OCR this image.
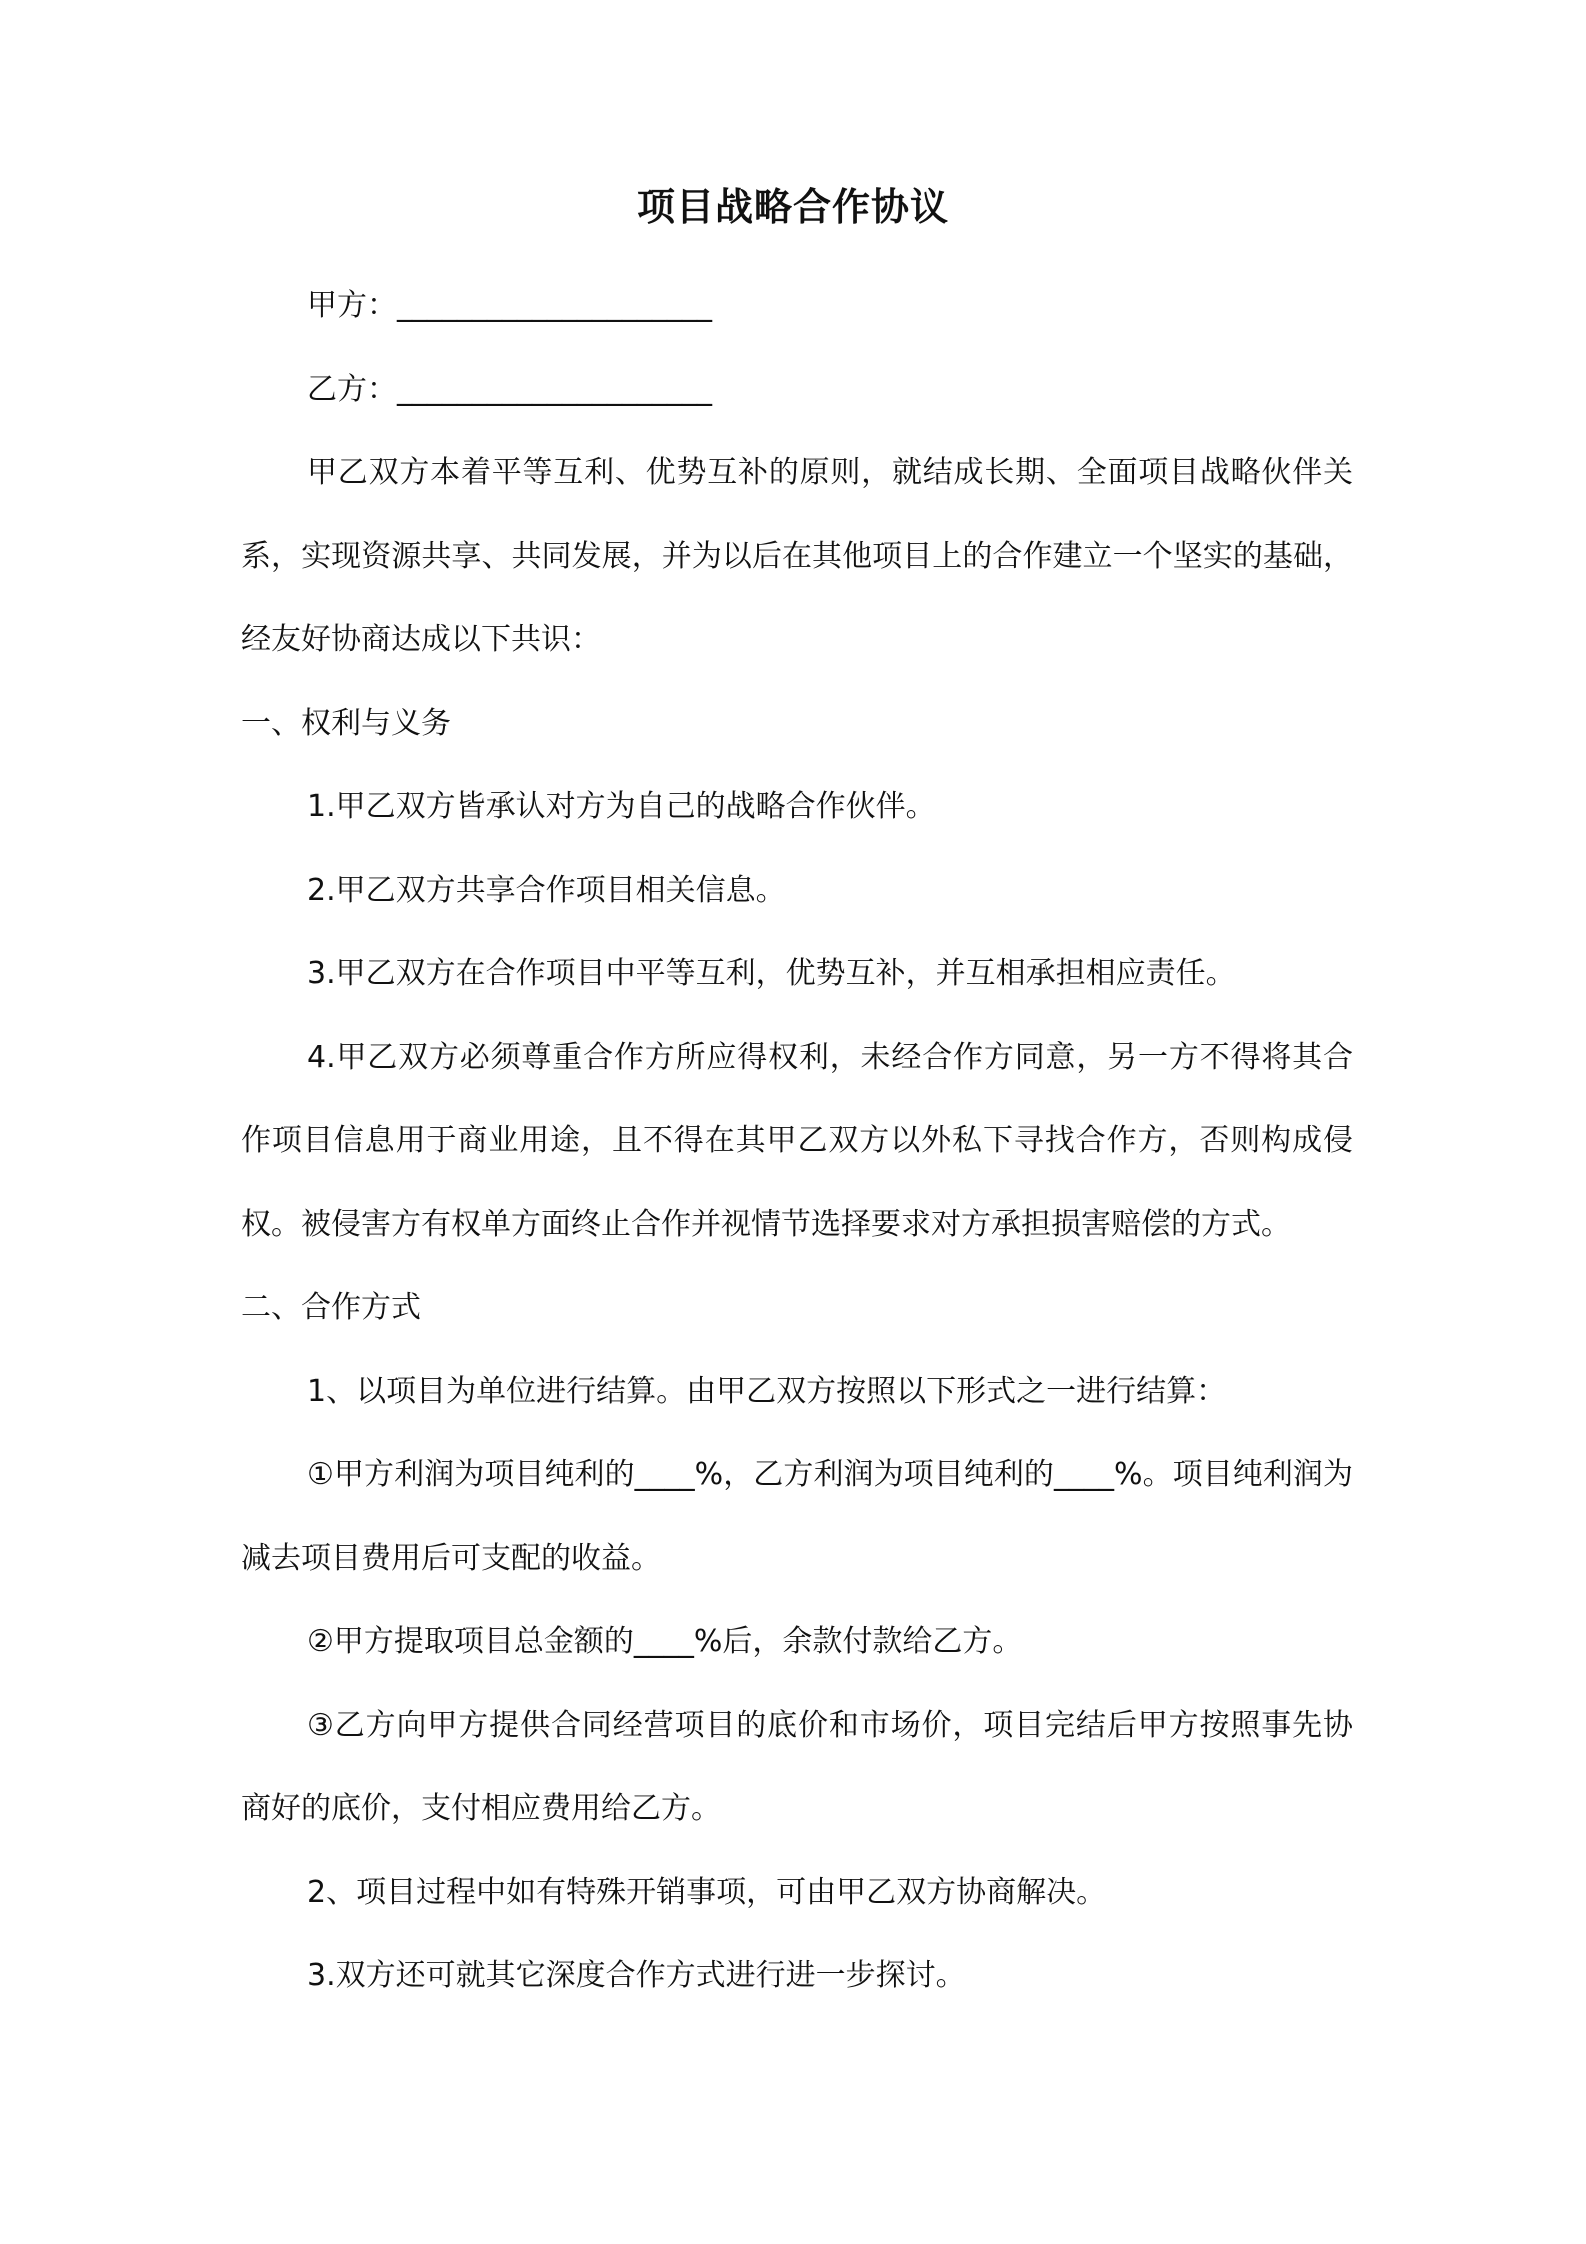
项目战略合作协议

甲方：_____________________

乙方：_____________________

甲乙双方本着平等互利、优势互补的原则，就结成长期、全面项目战略伙伴关系，实现资源共享、共同发展，并为以后在其他项目上的合作建立一个坚实的基础，经友好协商达成以下共识：

一、权利与义务

1.甲乙双方皆承认对方为自己的战略合作伙伴。

2.甲乙双方共享合作项目相关信息。

3.甲乙双方在合作项目中平等互利，优势互补，并互相承担相应责任。

4.甲乙双方必须尊重合作方所应得权利，未经合作方同意，另一方不得将其合作项目信息用于商业用途，且不得在其甲乙双方以外私下寻找合作方，否则构成侵权。被侵害方有权单方面终止合作并视情节选择要求对方承担损害赔偿的方式。

二、合作方式

1、以项目为单位进行结算。由甲乙双方按照以下形式之一进行结算：

①甲方利润为项目纯利的____%，乙方利润为项目纯利的____%。项目纯利润为减去项目费用后可支配的收益。

②甲方提取项目总金额的____%后，余款付款给乙方。

③乙方向甲方提供合同经营项目的底价和市场价，项目完结后甲方按照事先协商好的底价，支付相应费用给乙方。

2、项目过程中如有特殊开销事项，可由甲乙双方协商解决。

3.双方还可就其它深度合作方式进行进一步探讨。
